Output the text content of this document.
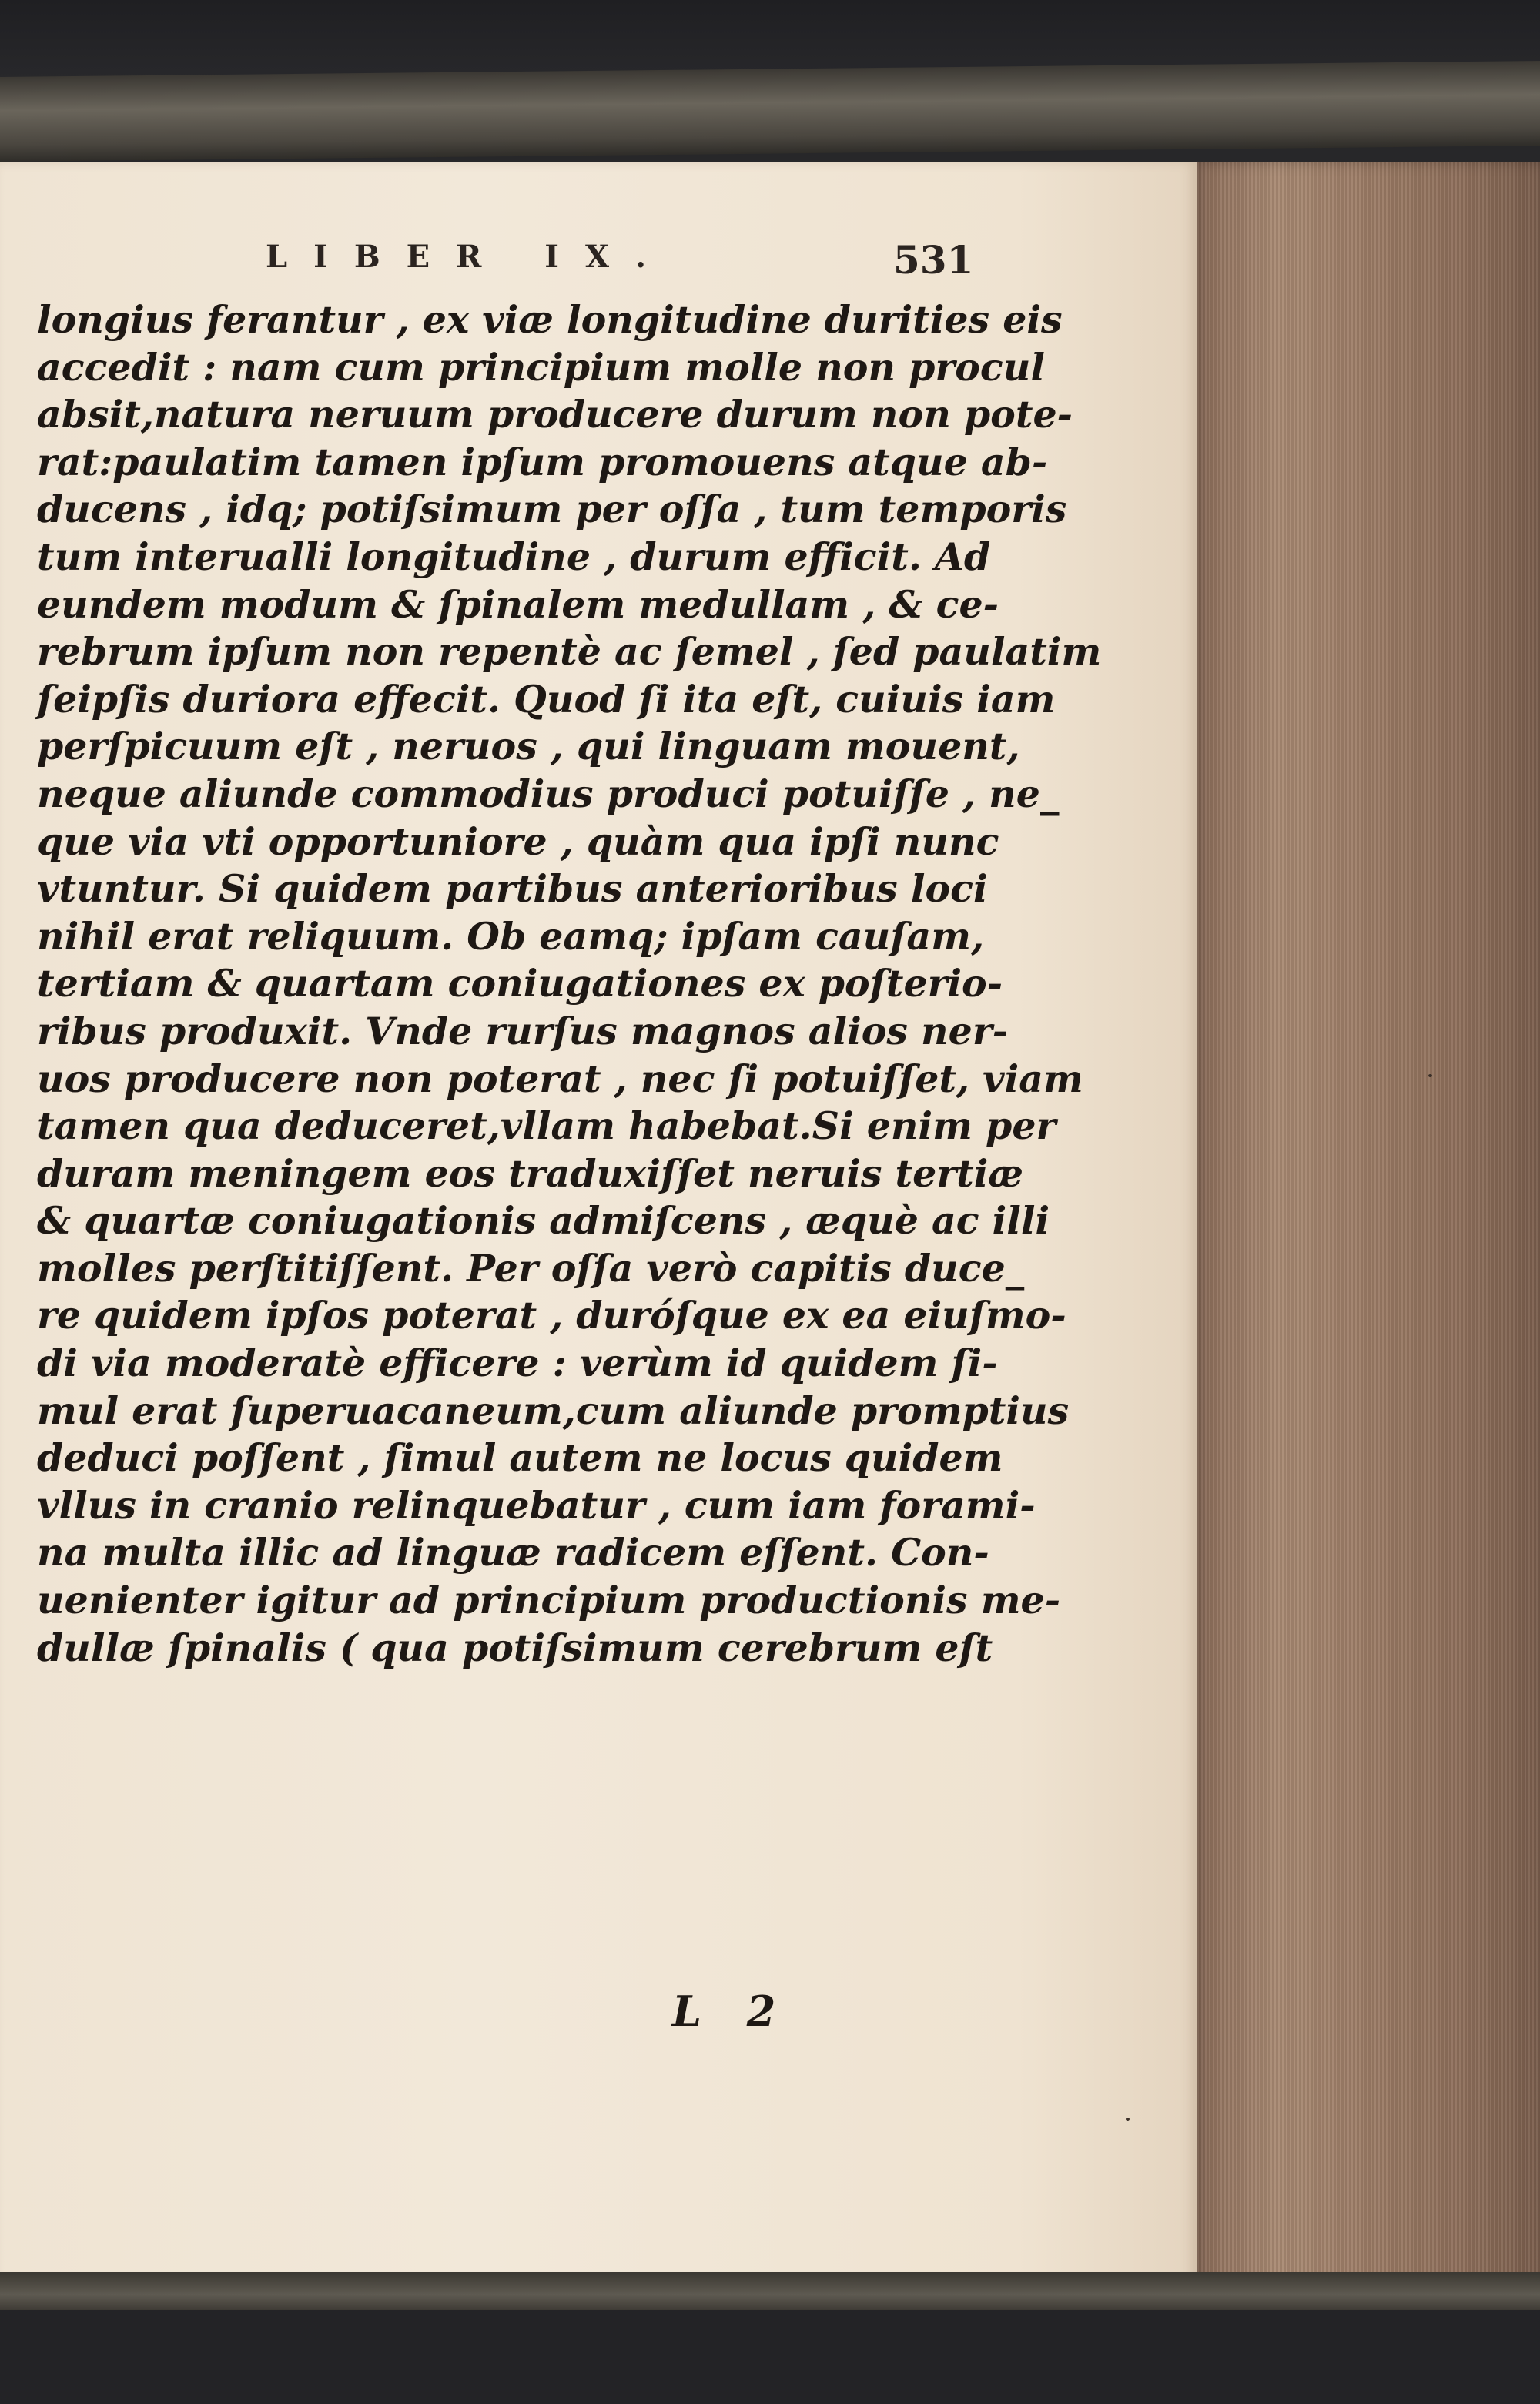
LIBER IX.	531
longius ferantur , ex viæ longitudine durities eis
accedit : nam cum principium molle non procul
absit,natura neruum producere durum non pote-
rat:paulatim tamen ipſum promouens atque ab-
ducens , idq; potiſsimum per oſſa , tum temporis
tum interualli longitudine , durum efficit. Ad
eundem modum & ſpinalem medullam , & ce-
rebrum ipſum non repentè ac ſemel , ſed paulatim
ſeipſis duriora effecit. Quod ſi ita eſt, cuiuis iam
perſpicuum eſt , neruos , qui linguam mouent,
neque aliunde commodius produci potuiſſe , ne_
que via vti opportuniore , quàm qua ipſi nunc
vtuntur. Si quidem partibus anterioribus loci
nihil erat reliquum. Ob eamq; ipſam cauſam,
tertiam & quartam coniugationes ex poſterio-
ribus produxit. Vnde rurſus magnos alios ner-
uos producere non poterat , nec ſi potuiſſet, viam
tamen qua deduceret,vllam habebat.Si enim per
duram meningem eos traduxiſſet neruis tertiæ
& quartæ coniugationis admiſcens , æquè ac illi
molles perſtitiſſent. Per oſſa verò capitis duce_
re quidem ipſos poterat , duróſque ex ea eiuſmo-
di via moderatè efficere : verùm id quidem ſi-
mul erat ſuperuacaneum,cum aliunde promptius
deduci poſſent , ſimul autem ne locus quidem
vllus in cranio relinquebatur , cum iam forami-
na multa illic ad linguæ radicem eſſent. Con-
uenienter igitur ad principium productionis me-
dullæ ſpinalis ( qua potiſsimum cerebrum eſt
L 2
